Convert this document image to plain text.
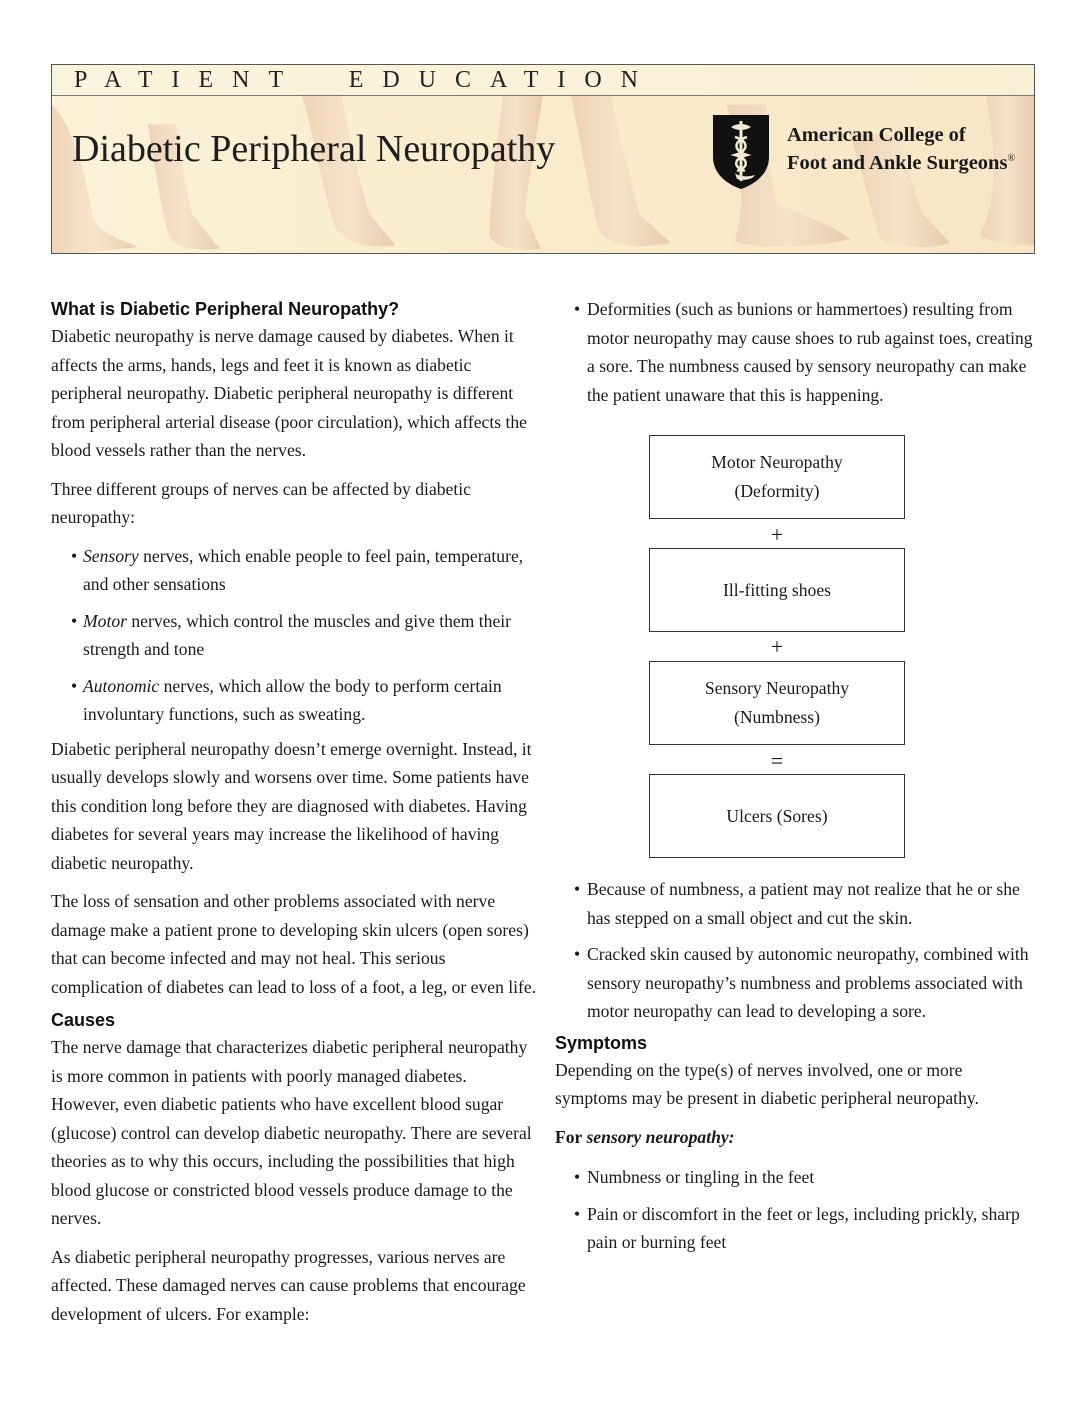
PATIENT EDUCATION
Diabetic Peripheral Neuropathy	American College of
Foot and Ankle Surgeons®
What is Diabetic Peripheral Neuropathy?

Diabetic neuropathy is nerve damage caused by diabetes. When it affects the arms, hands, legs and feet it is known as diabetic peripheral neuropathy. Diabetic peripheral neuropathy is different from peripheral arterial disease (poor circulation), which affects the blood vessels rather than the nerves.

Three different groups of nerves can be affected by diabetic neuropathy:

• Sensory nerves, which enable people to feel pain, temperature, and other sensations
• Motor nerves, which control the muscles and give them their strength and tone
• Autonomic nerves, which allow the body to perform certain involuntary functions, such as sweating.

Diabetic peripheral neuropathy doesn’t emerge overnight. Instead, it usually develops slowly and worsens over time. Some patients have this condition long before they are diagnosed with diabetes. Having diabetes for several years may increase the likelihood of having diabetic neuropathy.

The loss of sensation and other problems associated with nerve damage make a patient prone to developing skin ulcers (open sores) that can become infected and may not heal. This serious complication of diabetes can lead to loss of a foot, a leg, or even life.

Causes

The nerve damage that characterizes diabetic peripheral neuropathy is more common in patients with poorly managed diabetes. However, even diabetic patients who have excellent blood sugar (glucose) control can develop diabetic neuropathy. There are several theories as to why this occurs, including the possibilities that high blood glucose or constricted blood vessels produce damage to the nerves.

As diabetic peripheral neuropathy progresses, various nerves are affected. These damaged nerves can cause problems that encourage development of ulcers. For example:

• Deformities (such as bunions or hammertoes) resulting from motor neuropathy may cause shoes to rub against toes, creating a sore. The numbness caused by sensory neuropathy can make the patient unaware that this is happening.
Motor Neuropathy
(Deformity)
+
Ill-fitting shoes
+
Sensory Neuropathy
(Numbness)
=
Ulcers (Sores)
• Because of numbness, a patient may not realize that he or she has stepped on a small object and cut the skin.
• Cracked skin caused by autonomic neuropathy, combined with sensory neuropathy’s numbness and problems associated with motor neuropathy can lead to developing a sore.
Symptoms

Depending on the type(s) of nerves involved, one or more symptoms may be present in diabetic peripheral neuropathy.

For sensory neuropathy:

• Numbness or tingling in the feet
• Pain or discomfort in the feet or legs, including prickly, sharp pain or burning feet
